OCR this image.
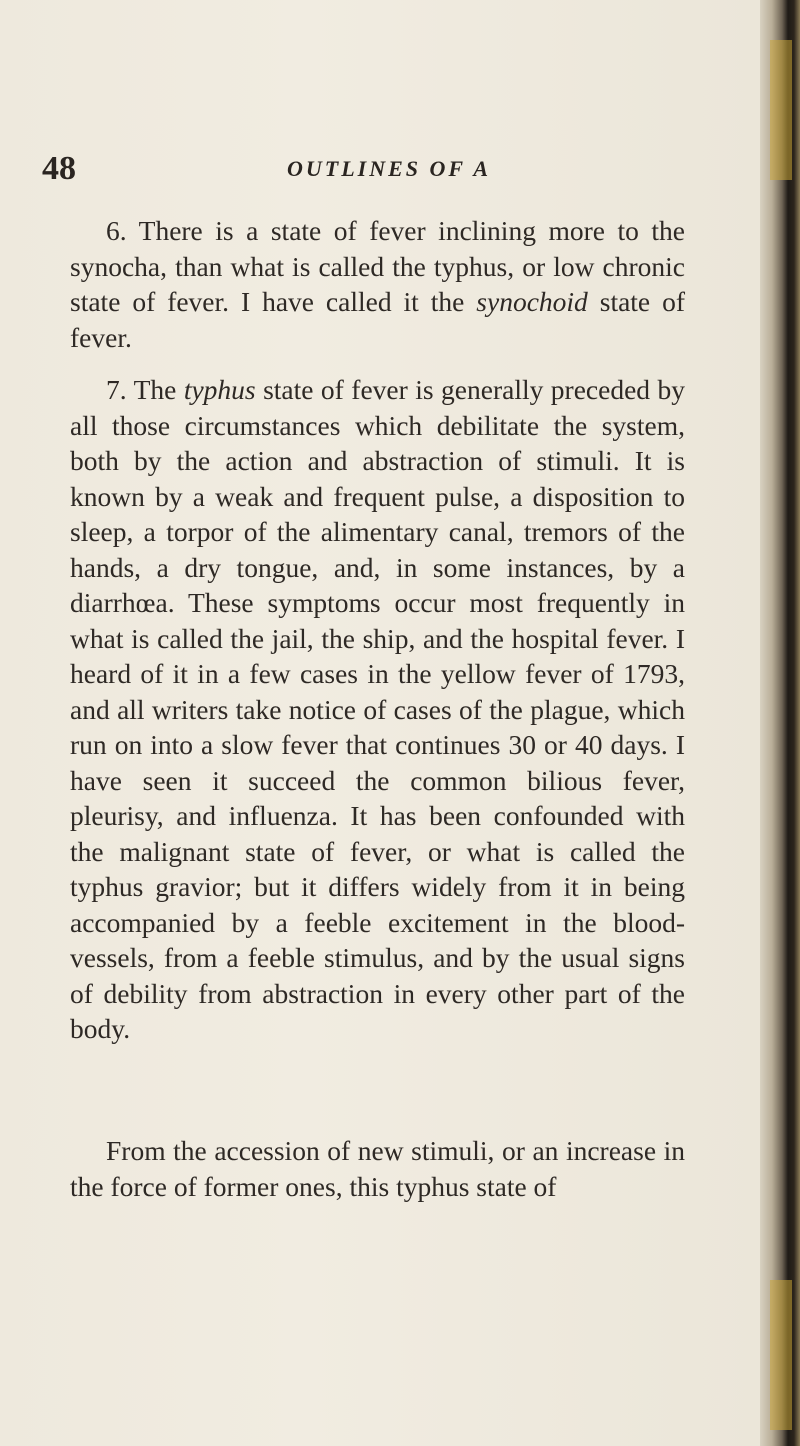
48	OUTLINES OF A

6. There is a state of fever inclining more to the synocha, than what is called the typhus, or low chronic state of fever. I have called it the synochoid state of fever.

7. The typhus state of fever is generally preceded by all those circumstances which debilitate the system, both by the action and abstraction of stimuli. It is known by a weak and frequent pulse, a disposition to sleep, a torpor of the alimentary canal, tremors of the hands, a dry tongue, and, in some instances, by a diarrhœa. These symptoms occur most frequently in what is called the jail, the ship, and the hospital fever. I heard of it in a few cases in the yellow fever of 1793, and all writers take notice of cases of the plague, which run on into a slow fever that continues 30 or 40 days. I have seen it succeed the common bilious fever, pleurisy, and influenza. It has been confounded with the malignant state of fever, or what is called the typhus gravior; but it differs widely from it in being accompanied by a feeble excitement in the blood-vessels, from a feeble stimulus, and by the usual signs of debility from abstraction in every other part of the body.

From the accession of new stimuli, or an increase in the force of former ones, this typhus state of
